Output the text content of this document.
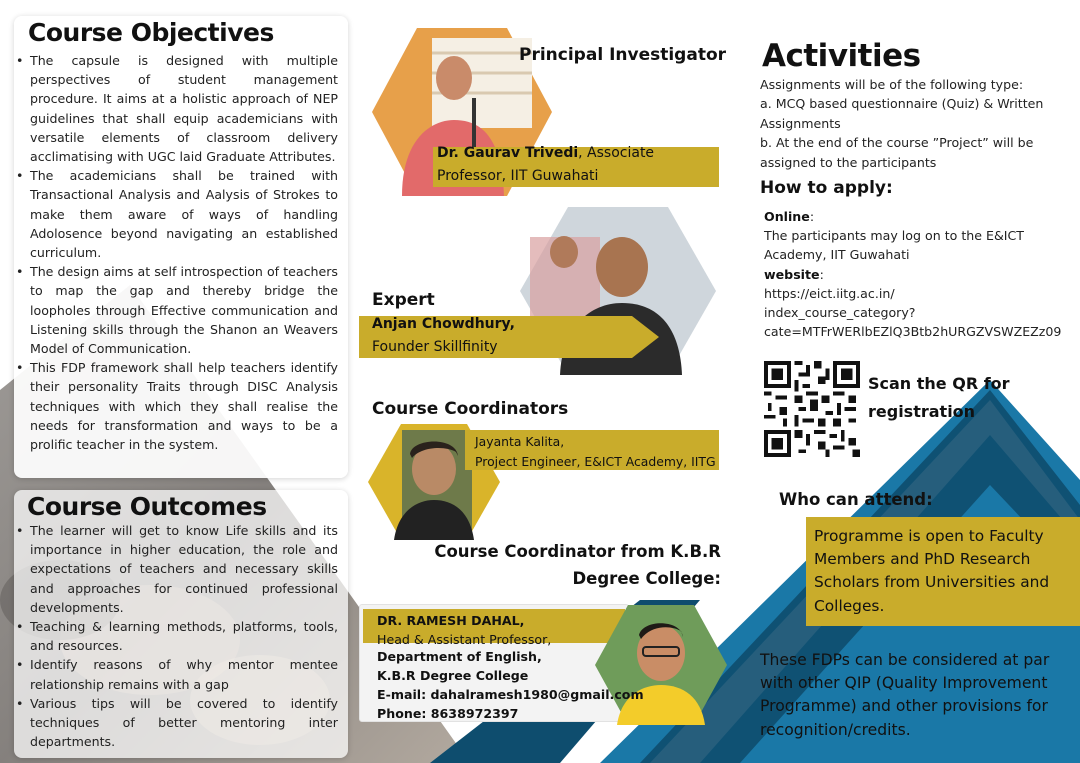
Course Objectives
• The capsule is designed with multiple perspectives of student management procedure. It aims at a holistic approach of NEP guidelines that shall equip academicians with versatile elements of classroom delivery acclimatising with UGC laid Graduate Attributes.
• The academicians shall be trained with Transactional Analysis and Aalysis of Strokes to make them aware of ways of handling Adolosence beyond navigating an established curriculum.
• The design aims at self introspection of teachers to map the gap and thereby bridge the loopholes through Effective communication and Listening skills through the Shanon an Weavers Model of Communication.
• This FDP framework shall help teachers identify their personality Traits through DISC Analysis techniques with which they shall realise the needs for transformation and ways to be a prolific teacher in the system.
Course Outcomes
• The learner will get to know Life skills and its importance in higher education, the role and expectations of teachers and necessary skills and approaches for continued professional developments.
• Teaching & learning methods, platforms, tools, and resources.
• Identify reasons of why mentor mentee relationship remains with a gap
• Various tips will be covered to identify techniques of better mentoring inter departments.
Principal Investigator
Dr. Gaurav Trivedi, Associate
Professor, IIT Guwahati
Expert
Anjan Chowdhury,
Founder Skillfinity
Course Coordinators
Jayanta Kalita,
Project Engineer, E&ICT Academy, IITG
Course Coordinator from K.B.R
Degree College:
DR. RAMESH DAHAL,
Head & Assistant Professor,
Department of English,
K.B.R Degree College
E-mail: dahalramesh1980@gmail.com
Phone: 8638972397
Activities
Assignments will be of the following type:
a. MCQ based questionnaire (Quiz) & Written Assignments
b. At the end of the course ”Project” will be assigned to the participants
How to apply:
Online:
The participants may log on to the E&ICT Academy, IIT Guwahati
website:
https://eict.iitg.ac.in/
index_course_category?
cate=MTFrWERlbEZlQ3Btb2hURGZVSWZEZz09
Scan the QR for
registration
Who can attend:
Programme is open to Faculty Members and PhD Research Scholars from Universities and Colleges.
These FDPs can be considered at par with other QIP (Quality Improvement Programme) and other provisions for recognition/credits.
